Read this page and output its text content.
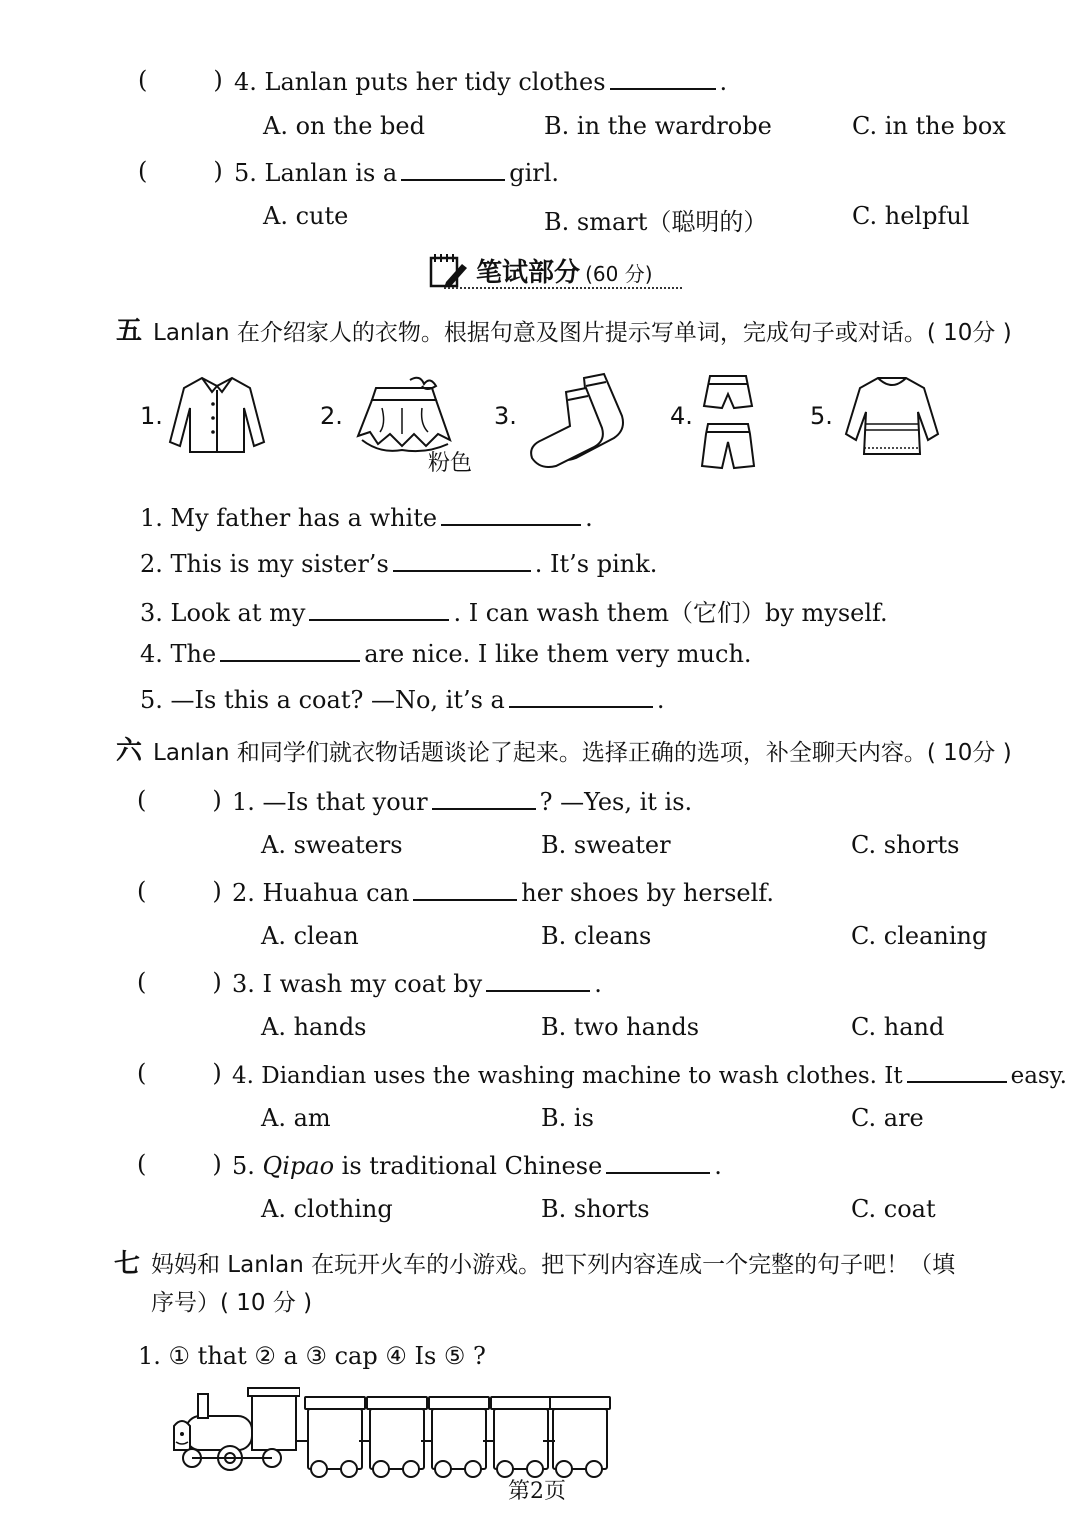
(	) 4. Lanlan puts her tidy clothes	.
A. on the bed	B. in the wardrobe	C. in the box
(	) 5. Lanlan is a	girl.
A. cute	B. smart（聪明的）	C. helpful
笔试部分 (60 分)
五 Lanlan 在介绍家人的衣物。根据句意及图片提示写单词，完成句子或对话。( 10分 )
1.	2.	3.	4.	5.
粉色
1. My father has a white	.
2. This is my sister’s	. It’s pink.
3. Look at my	. I can wash them（它们）by myself.
4. The	are nice. I like them very much.
5. —Is this a coat? —No, it’s a	.
六 Lanlan 和同学们就衣物话题谈论了起来。选择正确的选项，补全聊天内容。( 10分 )
(	) 1. —Is that your	? —Yes, it is.
A. sweaters	B. sweater	C. shorts
(	) 2. Huahua can	her shoes by herself.
A. clean	B. cleans	C. cleaning
(	) 3. I wash my coat by	.
A. hands	B. two hands	C. hand
(	) 4. Diandian uses the washing machine to wash clothes. It	easy.
A. am	B. is	C. are
(	) 5. Qipao is traditional Chinese	.
A. clothing	B. shorts	C. coat
七 妈妈和 Lanlan 在玩开火车的小游戏。把下列内容连成一个完整的句子吧！（填
序号）( 10 分 )
1. ① that ② a ③ cap ④ Is ⑤ ?
第2页
